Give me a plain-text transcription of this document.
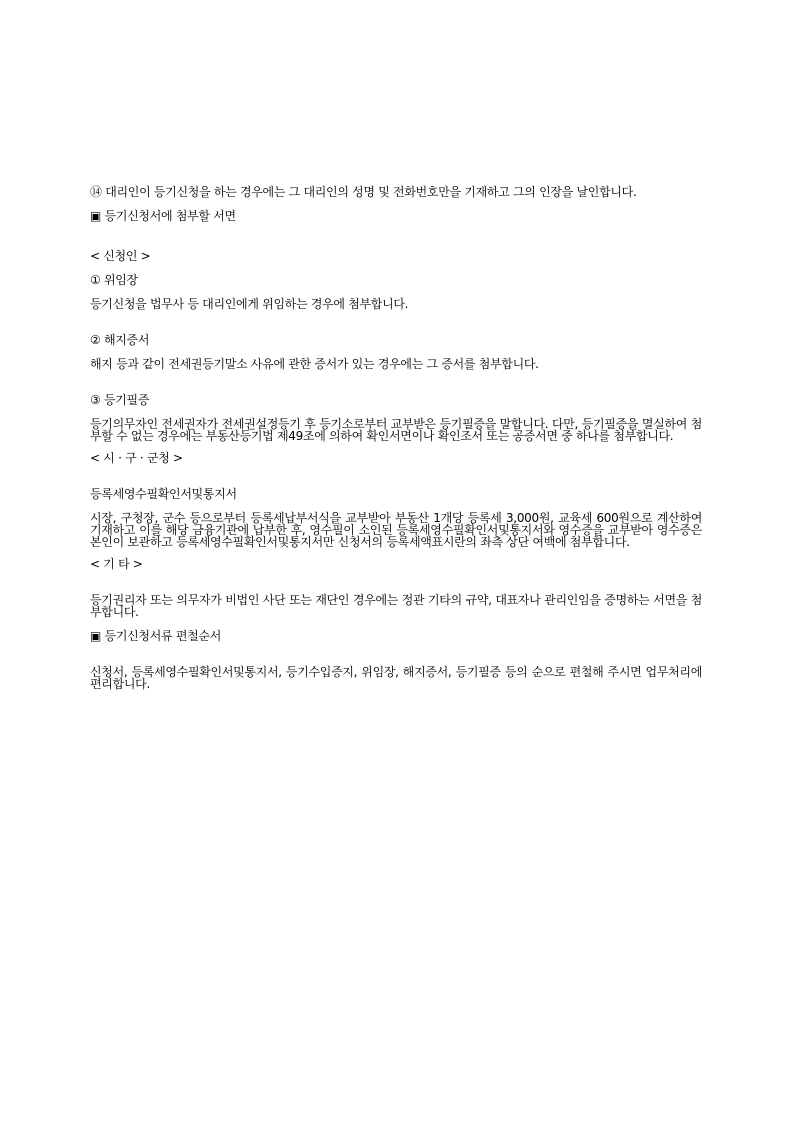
⑭ 대리인이 등기신청을 하는 경우에는 그 대리인의 성명 및 전화번호만을 기재하고 그의 인장을 날인합니다.

▣ 등기신청서에 첨부할 서면

< 신청인 >

① 위임장

등기신청을 법무사 등 대리인에게 위임하는 경우에 첨부합니다.

② 해지증서

해지 등과 같이 전세권등기말소 사유에 관한 증서가 있는 경우에는 그 증서를 첨부합니다.

③ 등기필증

등기의무자인 전세권자가 전세권설정등기 후 등기소로부터 교부받은 등기필증을 말합니다. 다만, 등기필증을 멸실하여 첨부할 수 없는 경우에는 부동산등기법 제49조에 의하여 확인서면이나 확인조서 또는 공증서면 중 하나를 첨부합니다.

< 시 · 구 · 군청 >

등록세영수필확인서및통지서

시장, 구청장, 군수 등으로부터 등록세납부서식을 교부받아 부동산 1개당 등록세 3,000원, 교육세 600원으로 계산하여 기재하고 이를 해당 금융기관에 납부한 후, 영수필이 소인된 등록세영수필확인서및통지서와 영수증을 교부받아 영수증은 본인이 보관하고 등록세영수필확인서및통지서만 신청서의 등록세액표시란의 좌측 상단 여백에 첨부합니다.

< 기 타 >

등기권리자 또는 의무자가 비법인 사단 또는 재단인 경우에는 정관 기타의 규약, 대표자나 관리인임을 증명하는 서면을 첨부합니다.

▣ 등기신청서류 편철순서

신청서, 등록세영수필확인서및통지서, 등기수입증지, 위임장, 해지증서, 등기필증 등의 순으로 편철해 주시면 업무처리에 편리합니다.
